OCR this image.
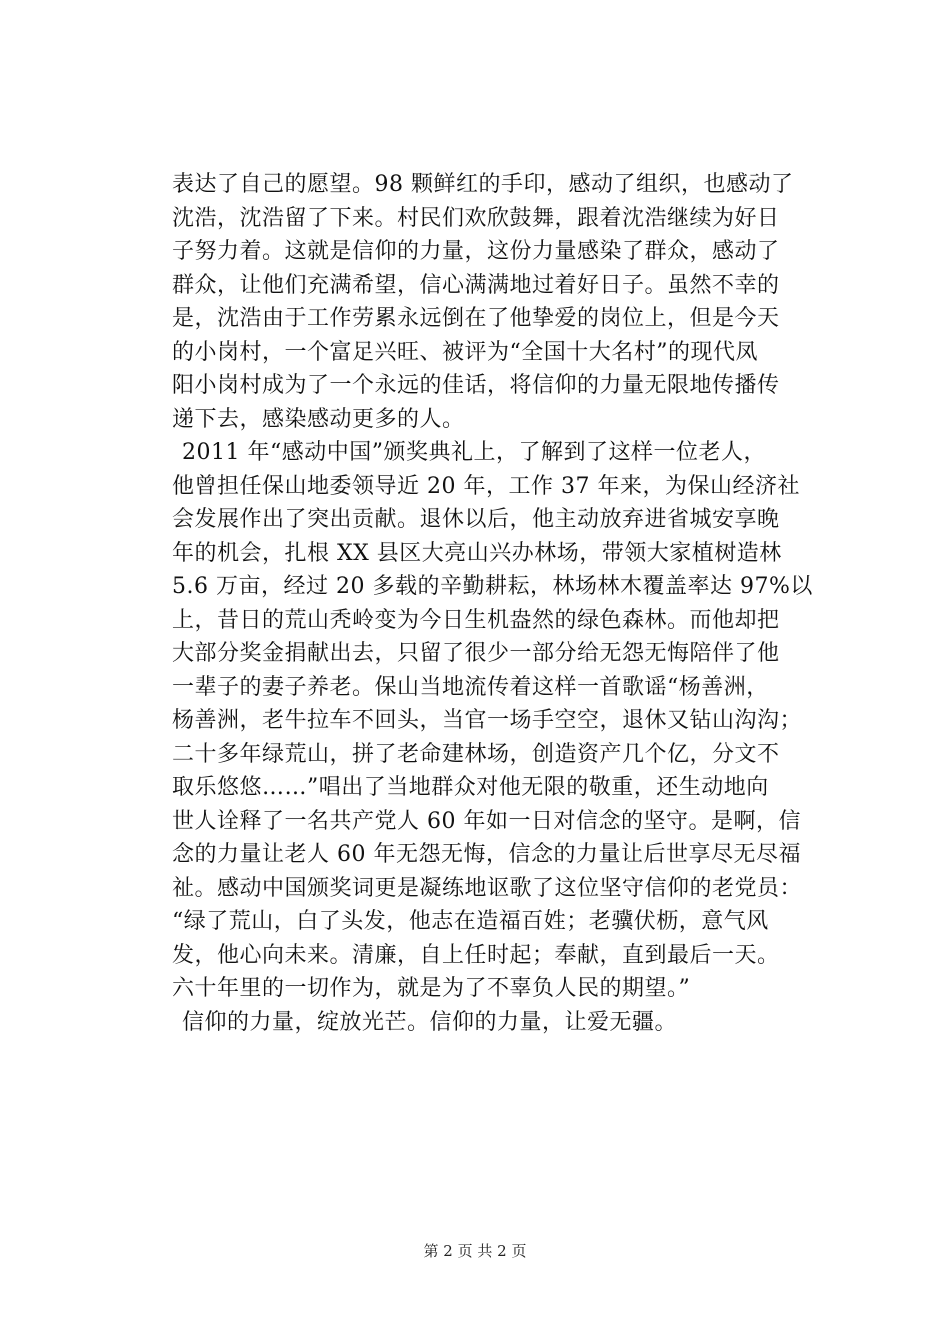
表达了自己的愿望。98 颗鲜红的手印，感动了组织，也感动了
沈浩，沈浩留了下来。村民们欢欣鼓舞，跟着沈浩继续为好日
子努力着。这就是信仰的力量，这份力量感染了群众，感动了
群众，让他们充满希望，信心满满地过着好日子。虽然不幸的
是，沈浩由于工作劳累永远倒在了他挚爱的岗位上，但是今天
的小岗村，一个富足兴旺、被评为“全国十大名村”的现代凤
阳小岗村成为了一个永远的佳话，将信仰的力量无限地传播传
递下去，感染感动更多的人。
2011 年“感动中国”颁奖典礼上，了解到了这样一位老人，
他曾担任保山地委领导近 20 年，工作 37 年来，为保山经济社
会发展作出了突出贡献。退休以后，他主动放弃进省城安享晚
年的机会，扎根 XX 县区大亮山兴办林场，带领大家植树造林
5.6 万亩，经过 20 多载的辛勤耕耘，林场林木覆盖率达 97%以
上，昔日的荒山秃岭变为今日生机盎然的绿色森林。而他却把
大部分奖金捐献出去，只留了很少一部分给无怨无悔陪伴了他
一辈子的妻子养老。保山当地流传着这样一首歌谣“杨善洲，
杨善洲，老牛拉车不回头，当官一场手空空，退休又钻山沟沟；
二十多年绿荒山，拼了老命建林场，创造资产几个亿，分文不
取乐悠悠……”唱出了当地群众对他无限的敬重，还生动地向
世人诠释了一名共产党人 60 年如一日对信念的坚守。是啊，信
念的力量让老人 60 年无怨无悔，信念的力量让后世享尽无尽福
祉。感动中国颁奖词更是凝练地讴歌了这位坚守信仰的老党员：
“绿了荒山，白了头发，他志在造福百姓；老骥伏枥，意气风
发，他心向未来。清廉，自上任时起；奉献，直到最后一天。
六十年里的一切作为，就是为了不辜负人民的期望。”
信仰的力量，绽放光芒。信仰的力量，让爱无疆。
第 2 页 共 2 页
